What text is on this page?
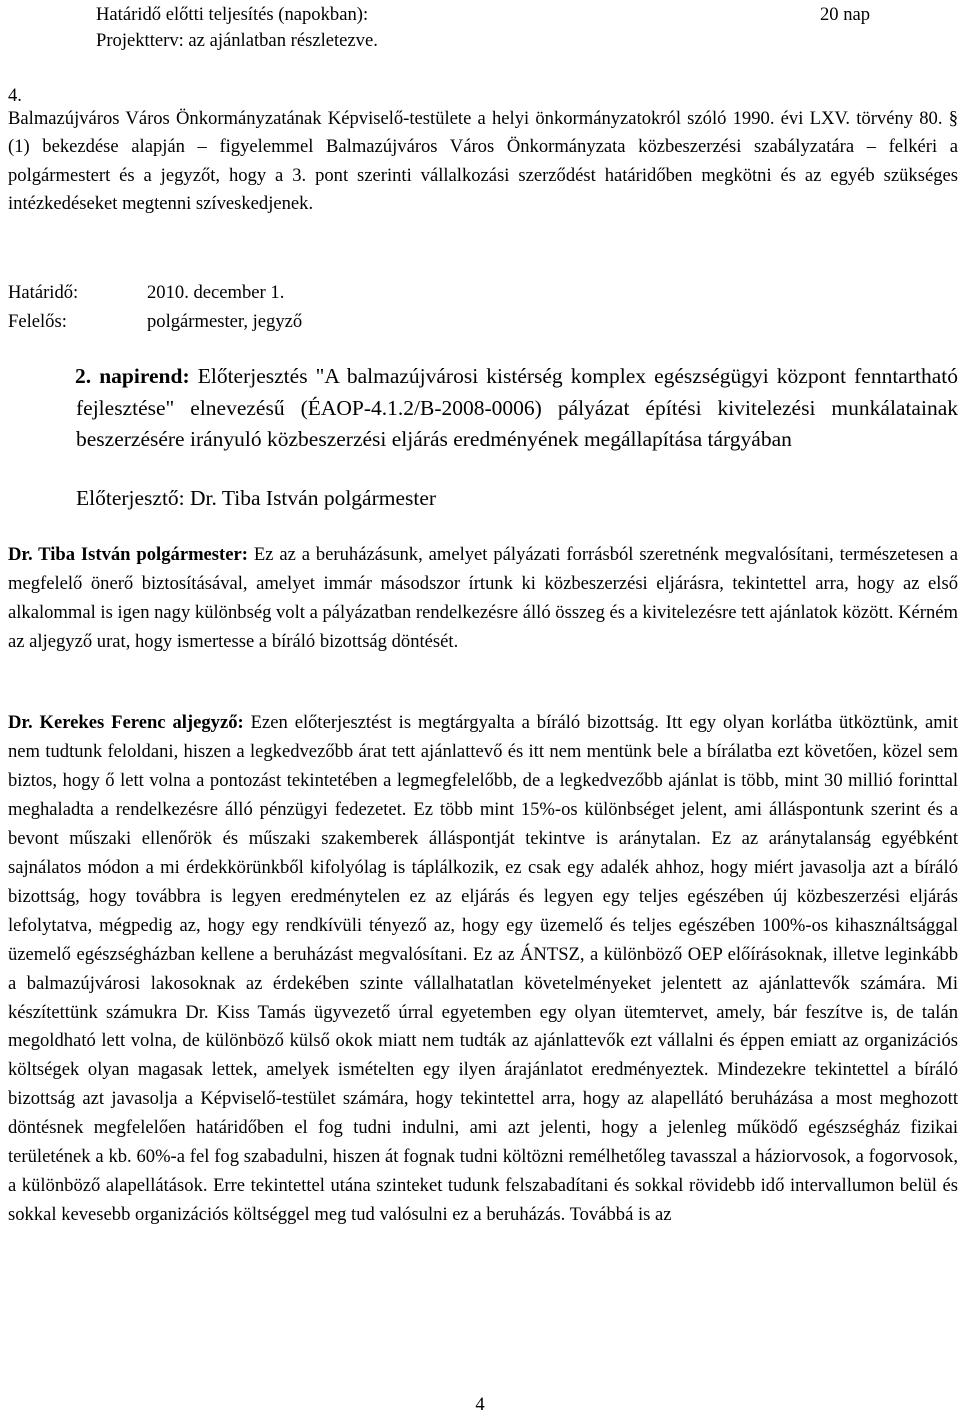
Határidő előtti teljesítés (napokban):	20 nap
Projektterv: az ajánlatban részletezve.
4.

Balmazújváros Város Önkormányzatának Képviselő-testülete a helyi önkormányzatokról szóló 1990. évi LXV. törvény 80. § (1) bekezdése alapján – figyelemmel Balmazújváros Város Önkormányzata közbeszerzési szabályzatára – felkéri a polgármestert és a jegyzőt, hogy a 3. pont szerinti vállalkozási szerződést határidőben megkötni és az egyéb szükséges intézkedéseket megtenni szíveskedjenek.

Határidő:	2010. december 1.
Felelős:	polgármester, jegyző

2. napirend: Előterjesztés "A balmazújvárosi kistérség komplex egészségügyi központ fenntartható fejlesztése" elnevezésű (ÉAOP-4.1.2/B-2008-0006) pályázat építési kivitelezési munkálatainak beszerzésére irányuló közbeszerzési eljárás eredményének megállapítása tárgyában

Előterjesztő: Dr. Tiba István polgármester

Dr. Tiba István polgármester: Ez az a beruházásunk, amelyet pályázati forrásból szeretnénk megvalósítani, természetesen a megfelelő önerő biztosításával, amelyet immár másodszor írtunk ki közbeszerzési eljárásra, tekintettel arra, hogy az első alkalommal is igen nagy különbség volt a pályázatban rendelkezésre álló összeg és a kivitelezésre tett ajánlatok között. Kérném az aljegyző urat, hogy ismertesse a bíráló bizottság döntését.

Dr. Kerekes Ferenc aljegyző: Ezen előterjesztést is megtárgyalta a bíráló bizottság. Itt egy olyan korlátba ütköztünk, amit nem tudtunk feloldani, hiszen a legkedvezőbb árat tett ajánlattevő és itt nem mentünk bele a bírálatba ezt követően, közel sem biztos, hogy ő lett volna a pontozást tekintetében a legmegfelelőbb, de a legkedvezőbb ajánlat is több, mint 30 millió forinttal meghaladta a rendelkezésre álló pénzügyi fedezetet. Ez több mint 15%-os különbséget jelent, ami álláspontunk szerint és a bevont műszaki ellenőrök és műszaki szakemberek álláspontját tekintve is aránytalan. Ez az aránytalanság egyébként sajnálatos módon a mi érdekkörünkből kifolyólag is táplálkozik, ez csak egy adalék ahhoz, hogy miért javasolja azt a bíráló bizottság, hogy továbbra is legyen eredménytelen ez az eljárás és legyen egy teljes egészében új közbeszerzési eljárás lefolytatva, mégpedig az, hogy egy rendkívüli tényező az, hogy egy üzemelő és teljes egészében 100%-os kihasználtsággal üzemelő egészségházban kellene a beruházást megvalósítani. Ez az ÁNTSZ, a különböző OEP előírásoknak, illetve leginkább a balmazújvárosi lakosoknak az érdekében szinte vállalhatatlan követelményeket jelentett az ajánlattevők számára. Mi készítettünk számukra Dr. Kiss Tamás ügyvezető úrral egyetemben egy olyan ütemtervet, amely, bár feszítve is, de talán megoldható lett volna, de különböző külső okok miatt nem tudták az ajánlattevők ezt vállalni és éppen emiatt az organizációs költségek olyan magasak lettek, amelyek ismételten egy ilyen árajánlatot eredményeztek. Mindezekre tekintettel a bíráló bizottság azt javasolja a Képviselő-testület számára, hogy tekintettel arra, hogy az alapellátó beruházása a most meghozott döntésnek megfelelően határidőben el fog tudni indulni, ami azt jelenti, hogy a jelenleg működő egészségház fizikai területének a kb. 60%-a fel fog szabadulni, hiszen át fognak tudni költözni remélhetőleg tavasszal a háziorvosok, a fogorvosok, a különböző alapellátások. Erre tekintettel utána szinteket tudunk felszabadítani és sokkal rövidebb idő intervallumon belül és sokkal kevesebb organizációs költséggel meg tud valósulni ez a beruházás. Továbbá is az

4
